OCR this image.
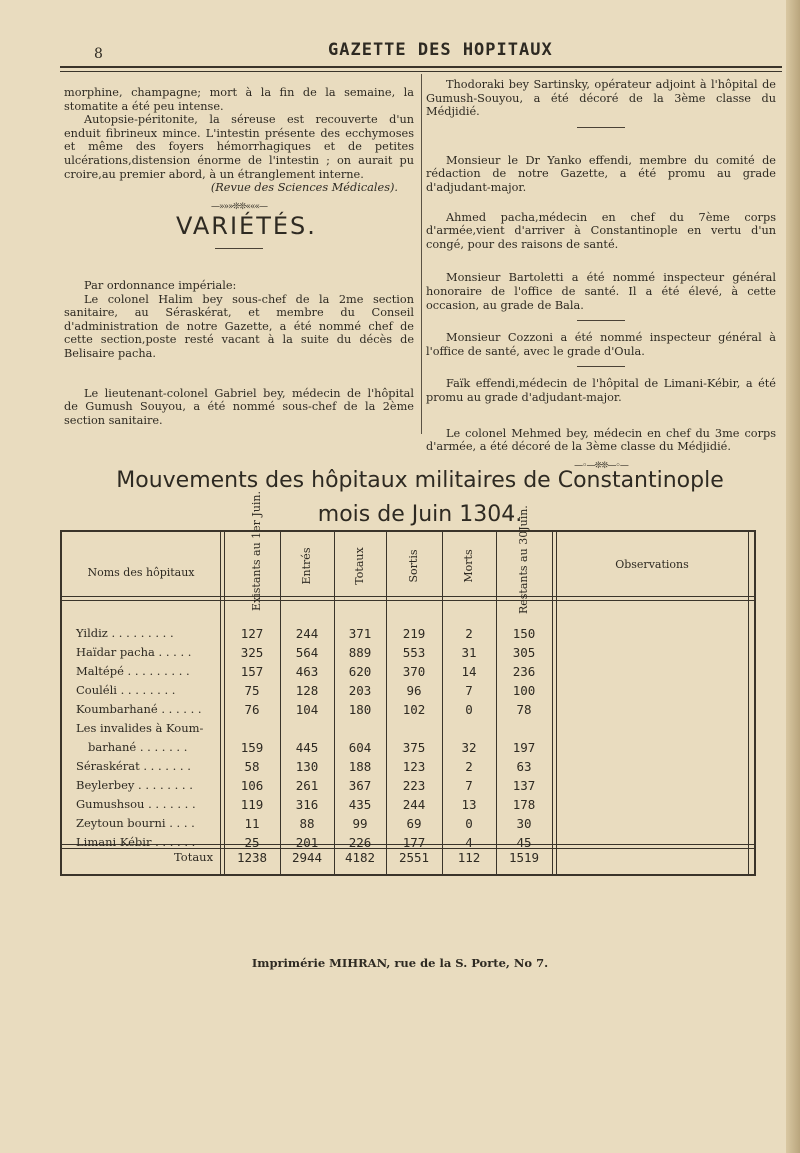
8	GAZETTE DES HOPITAUX

morphine, champagne; mort à la fin de la semaine, la stomatite a été peu intense.

Autopsie-péritonite, la séreuse est recouverte d'un enduit fibrineux mince. L'intestin présente des ecchymoses et même des foyers hémorrhagiques et de petites ulcérations,distension énorme de l'intestin ; on aurait pu croire,au premier abord, à un étranglement interne.

(Revue des Sciences Médicales).

—»»»❊❊«««—

VARIÉTÉS.

Par ordonnance impériale:

Le colonel Halim bey sous-chef de la 2me section sanitaire, au Séraskérat, et membre du Conseil d'administration de notre Gazette, a été nommé chef de cette section,poste resté vacant à la suite du décès de Belisaire pacha.

Le lieutenant-colonel Gabriel bey, médecin de l'hôpital de Gumush Souyou, a été nommé sous-chef de la 2ème section sanitaire.

Thodoraki bey Sartinsky, opérateur adjoint à l'hôpital de Gumush-Souyou, a été décoré de la 3ème classe du Médjidié.

Monsieur le Dr Yanko effendi, membre du comité de rédaction de notre Gazette, a été promu au grade d'adjudant-major.

Ahmed pacha,médecin en chef du 7ème corps d'armée,vient d'arriver à Constantinople en vertu d'un congé, pour des raisons de santé.

Monsieur Bartoletti a été nommé inspecteur général honoraire de l'office de santé. Il a été élevé, à cette occasion, au grade de Bala.

Monsieur Cozzoni a été nommé inspecteur général à l'office de santé, avec le grade d'Oula.

Faïk effendi,médecin de l'hôpital de Limani-Kébir, a été promu au grade d'adjudant-major.

Le colonel Mehmed bey, médecin en chef du 3me corps d'armée, a été décoré de la 3ème classe du Médjidié.

—◦—❊❊—◦—

Mouvements des hôpitaux militaires de Constantinople
mois de Juin 1304.
Noms des hôpitaux	Existants au 1er Juin.	Entrés	Totaux	Sortis	Morts	Restants au 30Juin.	Observations
Yildiz . . . . . . . . .	127	244	371	219	2	150
Haïdar pacha . . . . .	325	564	889	553	31	305
Maltépé . . . . . . . . .	157	463	620	370	14	236
Couléli . . . . . . . .	75	128	203	96	7	100
Koumbarhané . . . . . .	76	104	180	102	0	78
Les invalides à Koum-
barhané . . . . . . .	159	445	604	375	32	197
Séraskérat . . . . . . .	58	130	188	123	2	63
Beylerbey . . . . . . . .	106	261	367	223	7	137
Gumushsou . . . . . . .	119	316	435	244	13	178
Zeytoun bourni . . . .	11	88	99	69	0	30
Limani Kébir . . . . . .	25	201	226	177	4	45
Totaux	1238	2944	4182	2551	112	1519
Imprimérie MIHRAN, rue de la S. Porte, No 7.
